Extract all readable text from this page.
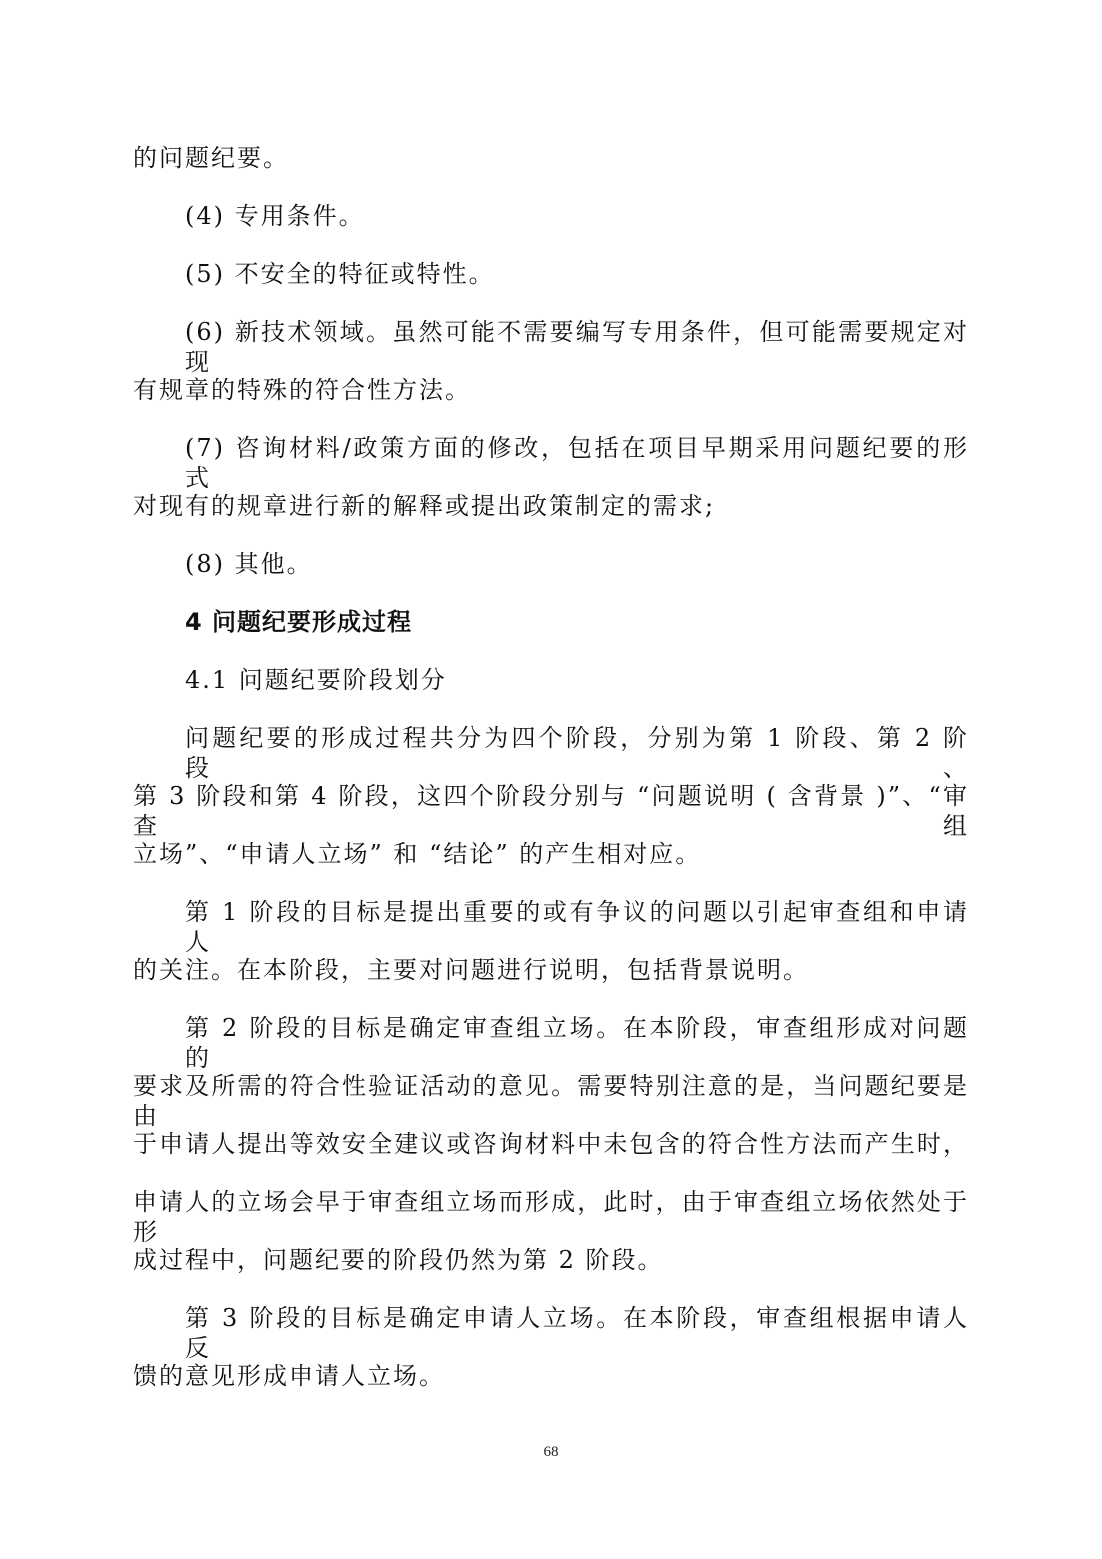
的问题纪要。
(4) 专用条件。
(5) 不安全的特征或特性。
(6) 新技术领域。虽然可能不需要编写专用条件，但可能需要规定对现
有规章的特殊的符合性方法。
(7) 咨询材料/政策方面的修改，包括在项目早期采用问题纪要的形式
对现有的规章进行新的解释或提出政策制定的需求;
(8) 其他。
4 问题纪要形成过程
4.1 问题纪要阶段划分
问题纪要的形成过程共分为四个阶段，分别为第 1 阶段、第 2 阶段、
第 3 阶段和第 4 阶段，这四个阶段分别与 “问题说明 ( 含背景 )”、“审查组
立场”、“申请人立场” 和 “结论” 的产生相对应。
第 1 阶段的目标是提出重要的或有争议的问题以引起审查组和申请人
的关注。在本阶段，主要对问题进行说明，包括背景说明。
第 2 阶段的目标是确定审查组立场。在本阶段，审查组形成对问题的
要求及所需的符合性验证活动的意见。需要特别注意的是，当问题纪要是由
于申请人提出等效安全建议或咨询材料中未包含的符合性方法而产生时，
申请人的立场会早于审查组立场而形成，此时，由于审查组立场依然处于形
成过程中，问题纪要的阶段仍然为第 2 阶段。
第 3 阶段的目标是确定申请人立场。在本阶段，审查组根据申请人反
馈的意见形成申请人立场。
68
